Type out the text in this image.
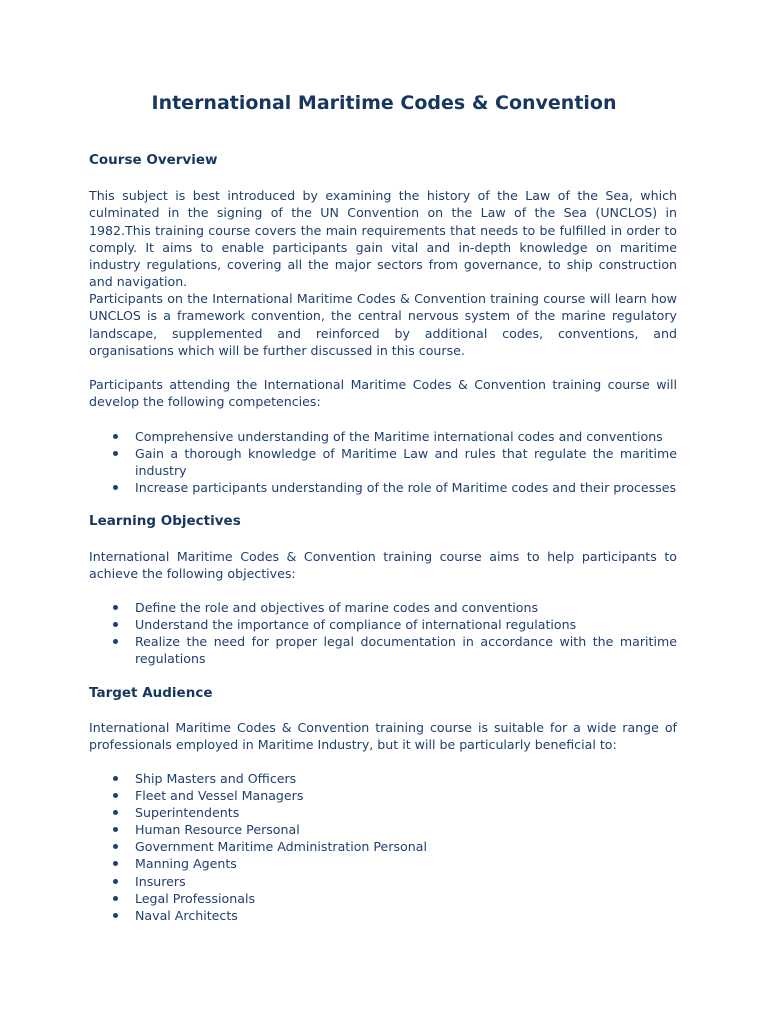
International Maritime Codes & Convention
Course Overview

This subject is best introduced by examining the history of the Law of the Sea, which culminated in the signing of the UN Convention on the Law of the Sea (UNCLOS) in 1982.This training course covers the main requirements that needs to be fulfilled in order to comply. It aims to enable participants gain vital and in-depth knowledge on maritime industry regulations, covering all the major sectors from governance, to ship construction and navigation.

Participants on the International Maritime Codes & Convention training course will learn how UNCLOS is a framework convention, the central nervous system of the marine regulatory landscape, supplemented and reinforced by additional codes, conventions, and organisations which will be further discussed in this course.

Participants attending the International Maritime Codes & Convention training course will develop the following competencies:

Comprehensive understanding of the Maritime international codes and conventions
Gain a thorough knowledge of Maritime Law and rules that regulate the maritime industry
Increase participants understanding of the role of Maritime codes and their processes
Learning Objectives

International Maritime Codes & Convention training course aims to help participants to achieve the following objectives:

Define the role and objectives of marine codes and conventions
Understand the importance of compliance of international regulations
Realize the need for proper legal documentation in accordance with the maritime regulations
Target Audience

International Maritime Codes & Convention training course is suitable for a wide range of professionals employed in Maritime Industry, but it will be particularly beneficial to:

Ship Masters and Officers
Fleet and Vessel Managers
Superintendents
Human Resource Personal
Government Maritime Administration Personal
Manning Agents
Insurers
Legal Professionals
Naval Architects
